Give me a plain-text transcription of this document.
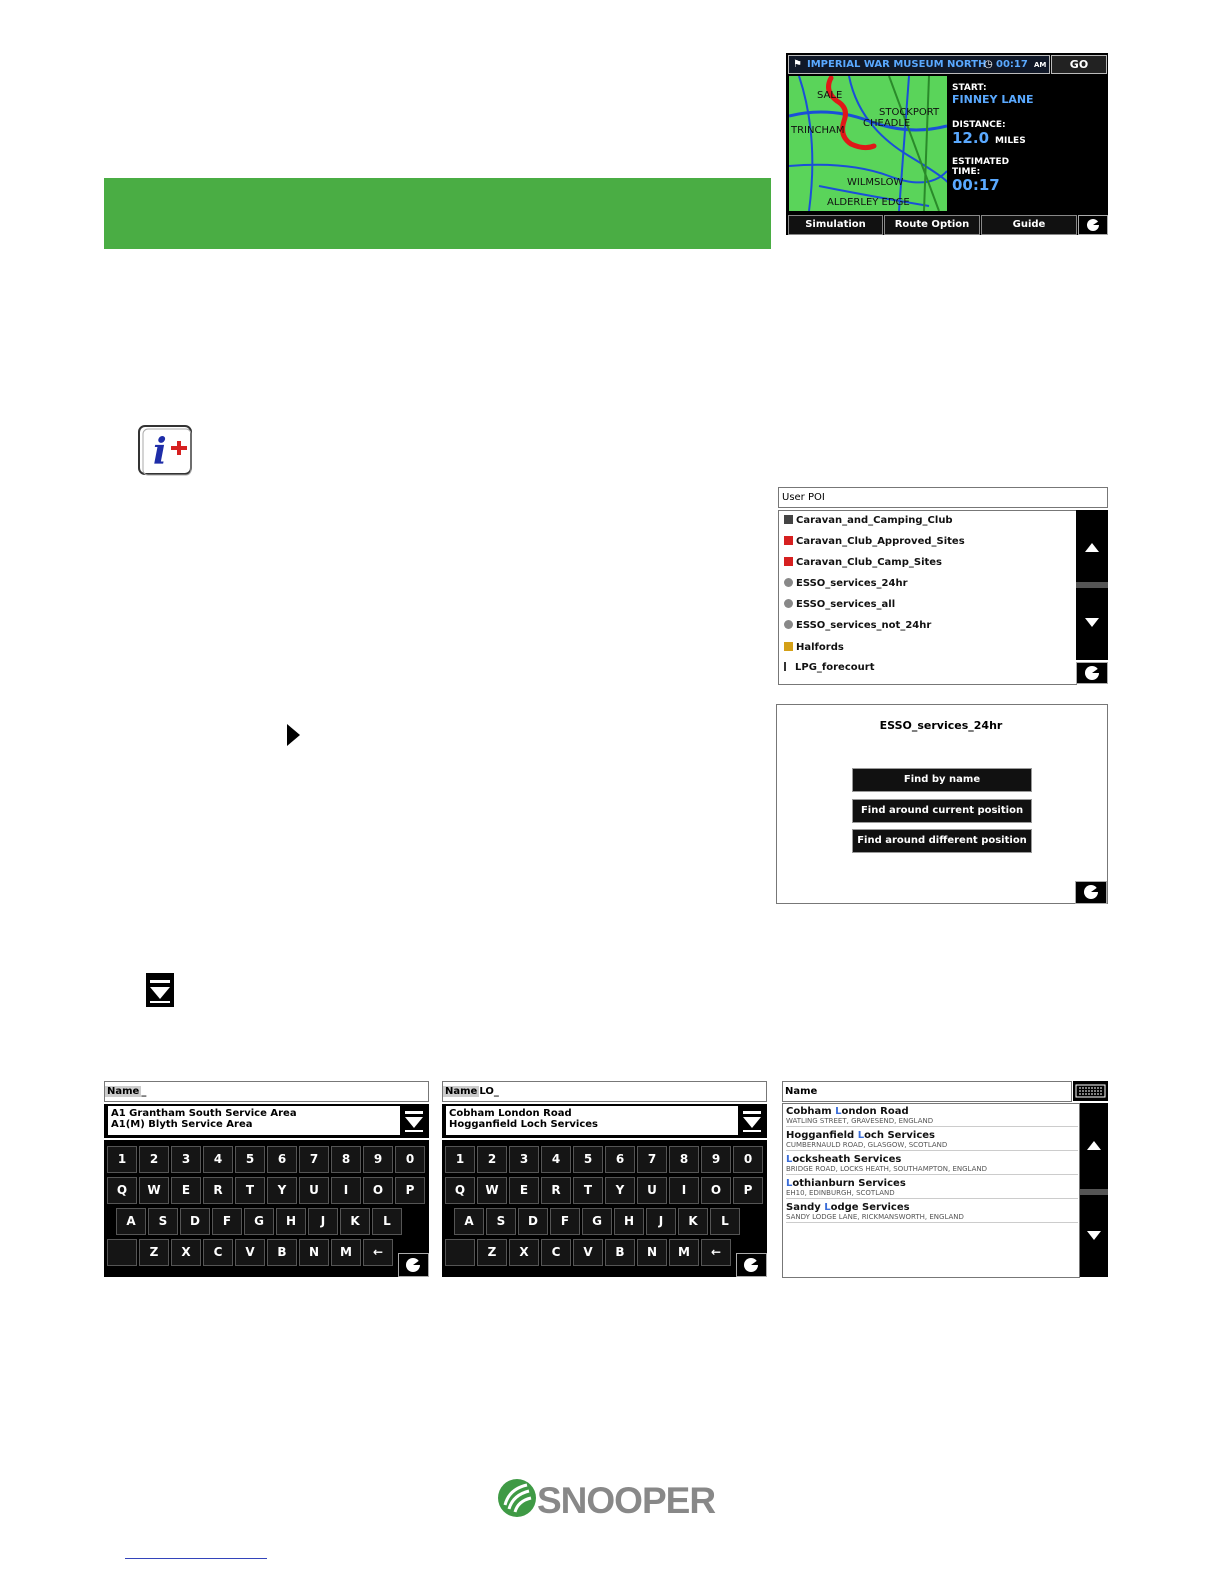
⚑ IMPERIAL WAR MUSEUM NORTH
◷ 00:17 AM	GO
SALE
STOCKPORT
CHEADLE
TRINCHAM
WILMSLOW
ALDERLEY EDGE
START:
FINNEY LANE
DISTANCE:
12.0 MILES
ESTIMATED
TIME:
00:17
Simulation	Route Option	Guide
i
User POI
Caravan_and_Camping_Club
Caravan_Club_Approved_Sites
Caravan_Club_Camp_Sites
ESSO_services_24hr
ESSO_services_all
ESSO_services_not_24hr
Halfords
LPG_forecourt
ESSO_services_24hr
Find by name
Find around current position
Find around different position
Name _
A1 Grantham South Service Area
A1(M) Blyth Service Area
1	2	3	4	5	6	7	8	9	0
Q	W	E	R	T	Y	U	I	O	P
A	S	D	F	G	H	J	K	L
Z	X	C	V	B	N	M	←
Name LO_
Cobham London Road
Hogganfield Loch Services
1	2	3	4	5	6	7	8	9	0
Q	W	E	R	T	Y	U	I	O	P
A	S	D	F	G	H	J	K	L
Z	X	C	V	B	N	M	←
Name
Cobham London Road
WATLING STREET, GRAVESEND, ENGLAND
Hogganfield Loch Services
CUMBERNAULD ROAD, GLASGOW, SCOTLAND
Locksheath Services
BRIDGE ROAD, LOCKS HEATH, SOUTHAMPTON, ENGLAND
Lothianburn Services
EH10, EDINBURGH, SCOTLAND
Sandy Lodge Services
SANDY LODGE LANE, RICKMANSWORTH, ENGLAND
SNOOPER
